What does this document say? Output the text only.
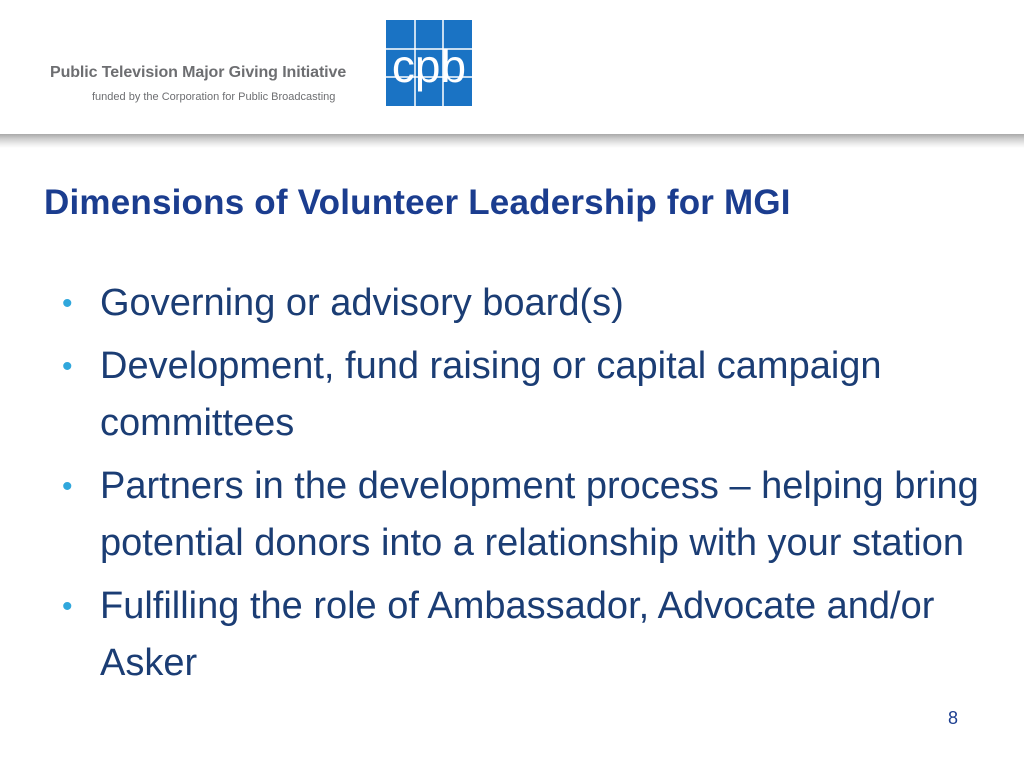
Public Television Major Giving Initiative
funded by the Corporation for Public Broadcasting
cpb
Dimensions of Volunteer Leadership for MGI
• Governing or advisory board(s)
• Development, fund raising or capital campaign committees
• Partners in the development process – helping bring potential donors into a relationship with your station
• Fulfilling the role of Ambassador, Advocate and/or Asker
8
